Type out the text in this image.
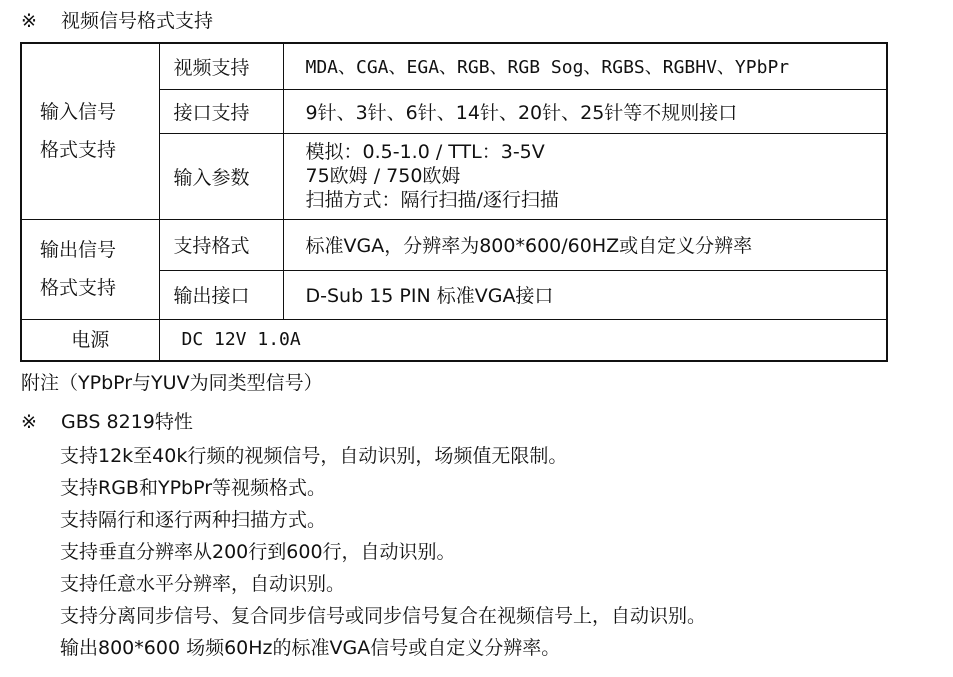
※ 视频信号格式支持
输入信号
格式支持	视频支持	MDA、CGA、EGA、RGB、RGB Sog、RGBS、RGBHV、YPbPr
	接口支持	9针、3针、6针、14针、20针、25针等不规则接口
	输入参数	模拟：0.5-1.0 / TTL：3-5V
75欧姆 / 750欧姆
扫描方式：隔行扫描/逐行扫描

输出信号
格式支持	支持格式	标准VGA，分辨率为800*600/60HZ或自定义分辨率
	输出接口	D-Sub 15 PIN 标准VGA接口
电源	DC 12V 1.0A	
附注（YPbPr与YUV为同类型信号）
※ GBS 8219特性
支持12k至40k行频的视频信号，自动识别，场频值无限制。
支持RGB和YPbPr等视频格式。
支持隔行和逐行两种扫描方式。
支持垂直分辨率从200行到600行，自动识别。
支持任意水平分辨率，自动识别。
支持分离同步信号、复合同步信号或同步信号复合在视频信号上，自动识别。
输出800*600 场频60Hz的标准VGA信号或自定义分辨率。
